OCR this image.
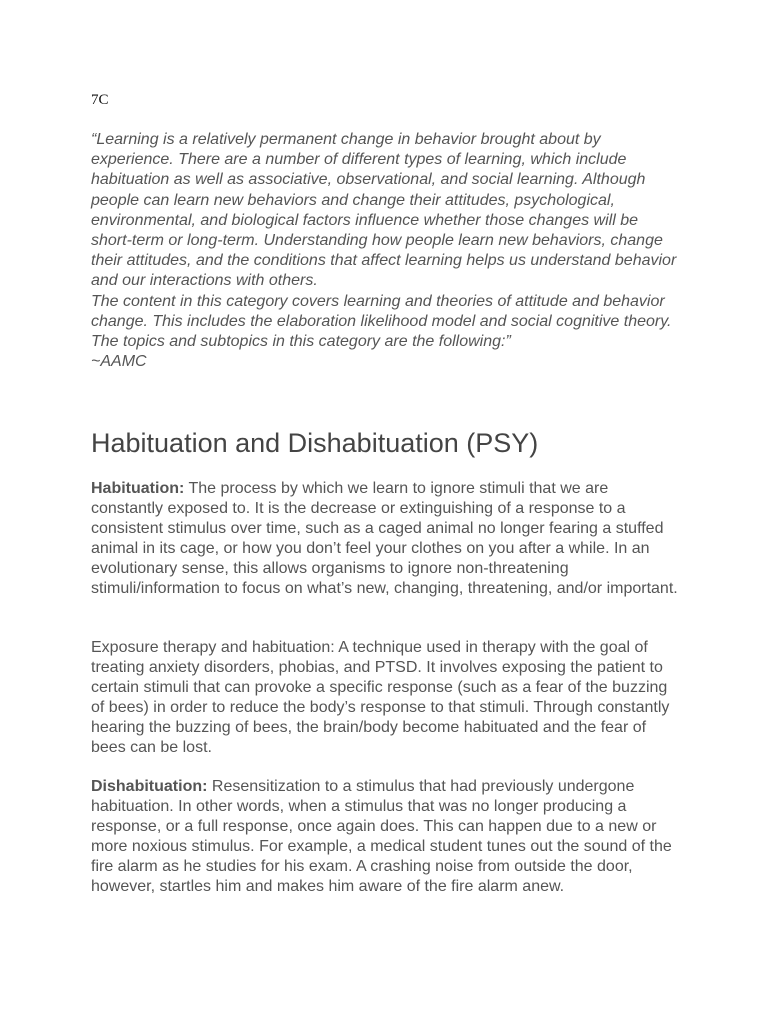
7C

“Learning is a relatively permanent change in behavior brought about by experience. There are a number of different types of learning, which include habituation as well as associative, observational, and social learning. Although people can learn new behaviors and change their attitudes, psychological, environmental, and biological factors influence whether those changes will be short-term or long-term. Understanding how people learn new behaviors, change their attitudes, and the conditions that affect learning helps us understand behavior and our interactions with others.

The content in this category covers learning and theories of attitude and behavior change. This includes the elaboration likelihood model and social cognitive theory. The topics and subtopics in this category are the following:”

~AAMC

Habituation and Dishabituation (PSY)

Habituation: The process by which we learn to ignore stimuli that we are constantly exposed to. It is the decrease or extinguishing of a response to a consistent stimulus over time, such as a caged animal no longer fearing a stuffed animal in its cage, or how you don’t feel your clothes on you after a while. In an evolutionary sense, this allows organisms to ignore non-threatening stimuli/information to focus on what’s new, changing, threatening, and/or important.

Exposure therapy and habituation: A technique used in therapy with the goal of treating anxiety disorders, phobias, and PTSD. It involves exposing the patient to certain stimuli that can provoke a specific response (such as a fear of the buzzing of bees) in order to reduce the body’s response to that stimuli. Through constantly hearing the buzzing of bees, the brain/body become habituated and the fear of bees can be lost.

Dishabituation: Resensitization to a stimulus that had previously undergone habituation. In other words, when a stimulus that was no longer producing a response, or a full response, once again does. This can happen due to a new or more noxious stimulus. For example, a medical student tunes out the sound of the fire alarm as he studies for his exam. A crashing noise from outside the door, however, startles him and makes him aware of the fire alarm anew.
